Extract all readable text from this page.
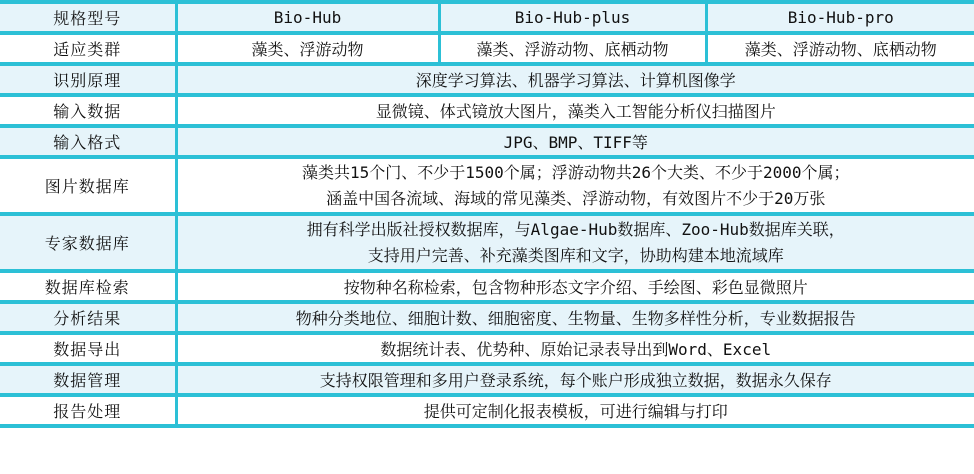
规格型号	Bio-Hub	Bio-Hub-plus	Bio-Hub-pro
适应类群	藻类、浮游动物	藻类、浮游动物、底栖动物	藻类、浮游动物、底栖动物
识别原理	深度学习算法、机器学习算法、计算机图像学		
输入数据	显微镜、体式镜放大图片，藻类入工智能分析仪扫描图片		
输入格式	JPG、BMP、TIFF等		
图片数据库	藻类共15个门、不少于1500个属；浮游动物共26个大类、不少于2000个属；
涵盖中国各流域、海域的常见藻类、浮游动物，有效图片不少于20万张		

专家数据库	拥有科学出版社授权数据库，与Algae-Hub数据库、Zoo-Hub数据库关联，
支持用户完善、补充藻类图库和文字，协助构建本地流域库		

数据库检索	按物种名称检索，包含物种形态文字介绍、手绘图、彩色显微照片		
分析结果	物种分类地位、细胞计数、细胞密度、生物量、生物多样性分析，专业数据报告		
数据导出	数据统计表、优势种、原始记录表导出到Word、Excel		
数据管理	支持权限管理和多用户登录系统，每个账户形成独立数据，数据永久保存		
报告处理	提供可定制化报表模板，可进行编辑与打印		
